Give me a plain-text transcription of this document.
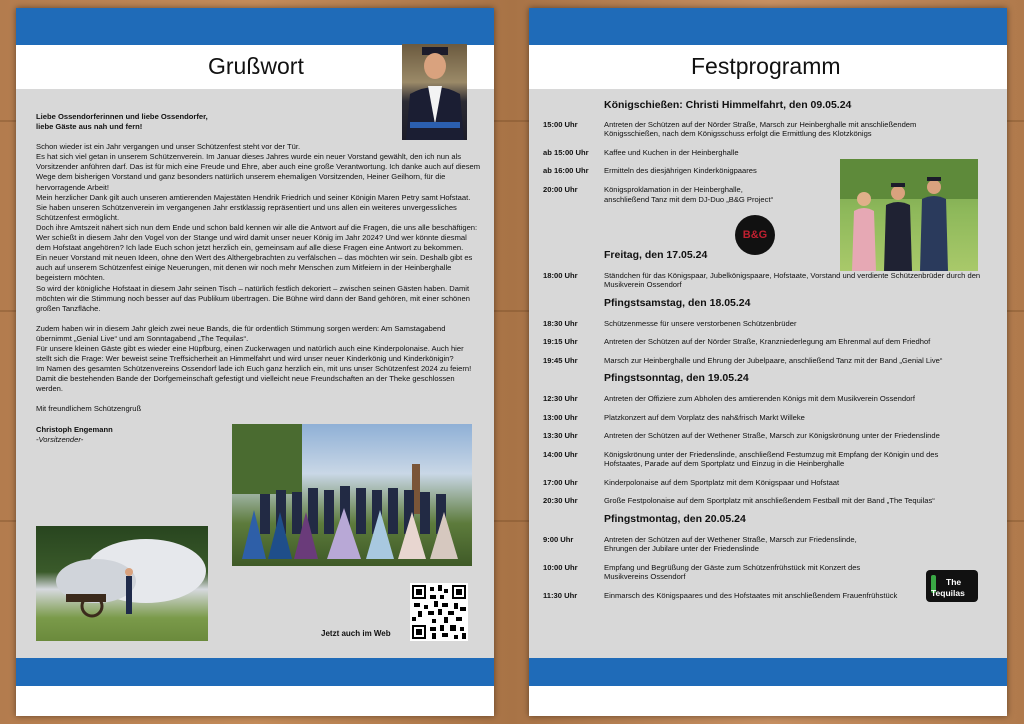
Grußwort
Liebe Ossendorferinnen und liebe Ossendorfer,
liebe Gäste aus nah und fern!

Schon wieder ist ein Jahr vergangen und unser Schützenfest steht vor der Tür.
Es hat sich viel getan in unserem Schützenverein. Im Januar dieses Jahres wurde ein neuer Vorstand gewählt, den ich nun als Vorsitzender anführen darf. Das ist für mich eine Freude und Ehre, aber auch eine große Verantwortung. Ich danke auch auf diesem Wege dem bisherigen Vorstand und ganz besonders natürlich unserem ehemaligen Vorsitzenden, Heiner Geilhorn, für die hervorragende Arbeit!
Mein herzlicher Dank gilt auch unseren amtierenden Majestäten Hendrik Friedrich und seiner Königin Maren Petry samt Hofstaat. Sie haben unseren Schützenverein im vergangenen Jahr erstklassig repräsentiert und uns allen ein weiteres unvergessliches Schützenfest ermöglicht.
Doch ihre Amtszeit nähert sich nun dem Ende und schon bald kennen wir alle die Antwort auf die Fragen, die uns alle beschäftigen: Wer schießt in diesem Jahr den Vogel von der Stange und wird damit unser neuer König im Jahr 2024? Und wer könnte diesmal dem Hofstaat angehören? Ich lade Euch schon jetzt herzlich ein, gemeinsam auf alle diese Fragen eine Antwort zu bekommen.
Ein neuer Vorstand mit neuen Ideen, ohne den Wert des Althergebrachten zu verfälschen – das möchten wir sein. Deshalb gibt es auch auf unserem Schützenfest einige Neuerungen, mit denen wir noch mehr Menschen zum Mitfeiern in der Heinberghalle begeistern möchten.
So wird der königliche Hofstaat in diesem Jahr seinen Tisch – natürlich festlich dekoriert – zwischen seinen Gästen haben. Damit möchten wir die Stimmung noch besser auf das Publikum übertragen. Die Bühne wird dann der Band gehören, mit einer schönen großen Tanzfläche.

Zudem haben wir in diesem Jahr gleich zwei neue Bands, die für ordentlich Stimmung sorgen werden: Am Samstagabend übernimmt „Genial Live“ und am Sonntagabend „The Tequilas“.
Für unsere kleinen Gäste gibt es wieder eine Hüpfburg, einen Zuckerwagen und natürlich auch eine Kinderpolonaise. Auch hier stellt sich die Frage: Wer beweist seine Treffsicherheit an Himmelfahrt und wird unser neuer Kinderkönig und Kinderkönigin?
Im Namen des gesamten Schützenvereins Ossendorf lade ich Euch ganz herzlich ein, mit uns unser Schützenfest 2024 zu feiern! Damit die bestehenden Bande der Dorfgemeinschaft gefestigt und vielleicht neue Freundschaften an der Theke geschlossen werden.

Mit freundlichem Schützengruß

Christoph Engemann

-Vorsitzender-

Jetzt auch im Web
Festprogramm
Königschießen: Christi Himmelfahrt, den 09.05.24
15:00 Uhr	Antreten der Schützen auf der Nörder Straße, Marsch zur Heinberghalle mit anschließendem Königsschießen, nach dem Königsschuss erfolgt die Ermittlung des Klotzkönigs
ab 15:00 Uhr	Kaffee und Kuchen in der Heinberghalle
ab 16:00 Uhr	Ermitteln des diesjährigen Kinderkönigpaares
20:00 Uhr	Königsproklamation in der Heinberghalle,
anschließend Tanz mit dem DJ-Duo „B&G Project“
Freitag, den 17.05.24
18:00 Uhr	Ständchen für das Königspaar, Jubelkönigspaare, Hofstaate, Vorstand und verdiente Schützenbrüder durch den Musikverein Ossendorf
Pfingstsamstag, den 18.05.24
18:30 Uhr	Schützenmesse für unsere verstorbenen Schützenbrüder
19:15 Uhr	Antreten der Schützen auf der Nörder Straße, Kranzniederlegung am Ehrenmal auf dem Friedhof
19:45 Uhr	Marsch zur Heinberghalle und Ehrung der Jubelpaare, anschließend Tanz mit der Band „Genial Live“
Pfingstsonntag, den 19.05.24
12:30 Uhr	Antreten der Offiziere zum Abholen des amtierenden Königs mit dem Musikverein Ossendorf
13:00 Uhr	Platzkonzert auf dem Vorplatz des nah&frisch Markt Willeke
13:30 Uhr	Antreten der Schützen auf der Wethener Straße, Marsch zur Königskrönung unter der Friedenslinde
14:00 Uhr	Königskrönung unter der Friedenslinde, anschließend Festumzug mit Empfang der Königin und des Hofstaates, Parade auf dem Sportplatz und Einzug in die Heinberghalle
17:00 Uhr	Kinderpolonaise auf dem Sportplatz mit dem Königspaar und Hofstaat
20:30 Uhr	Große Festpolonaise auf dem Sportplatz mit anschließendem Festball mit der Band „The Tequilas“
Pfingstmontag, den 20.05.24
9:00 Uhr	Antreten der Schützen auf der Wethener Straße, Marsch zur Friedenslinde,
Ehrungen der Jubilare unter der Friedenslinde
10:00 Uhr	Empfang und Begrüßung der Gäste zum Schützenfrühstück mit Konzert des Musikvereins Ossendorf
11:30 Uhr	Einmarsch des Königspaares und des Hofstaates mit anschließendem Frauenfrühstück
B&G
The
Tequilas
